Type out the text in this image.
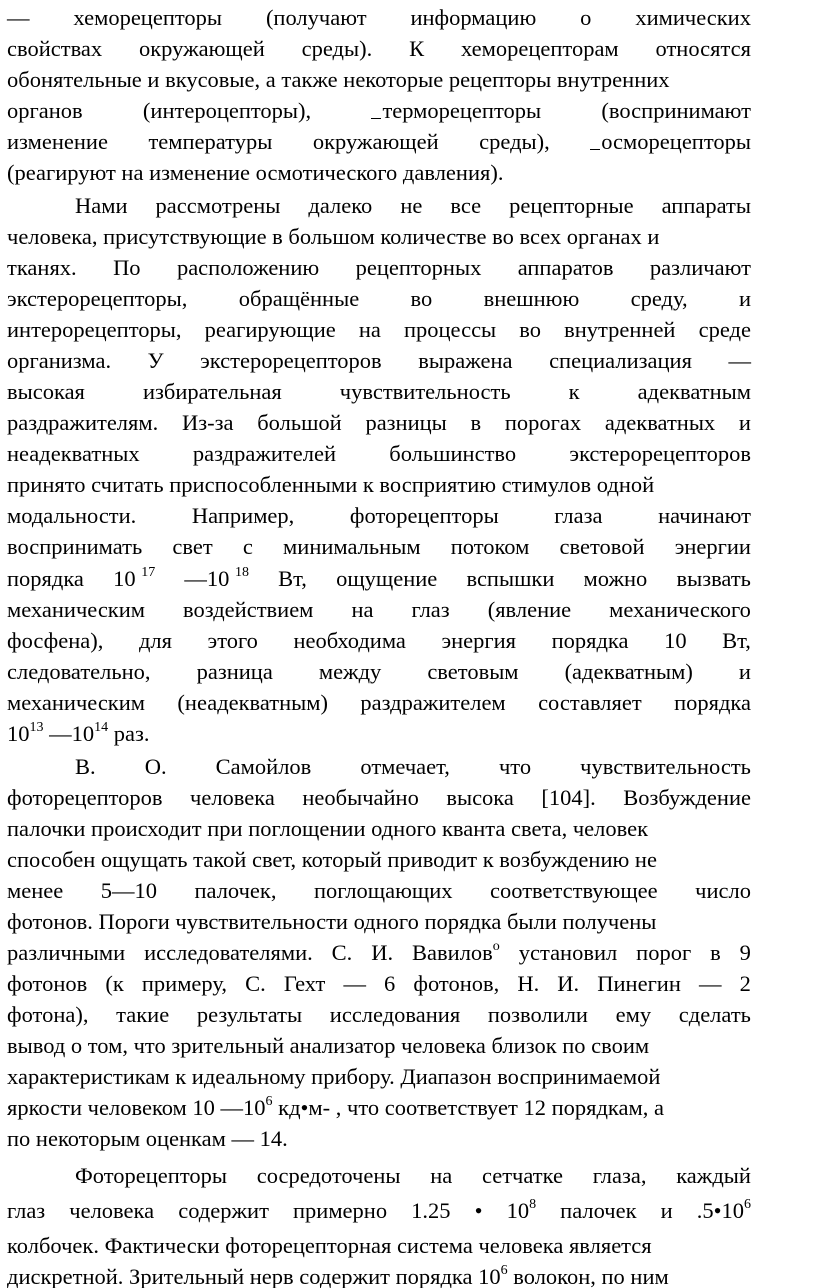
— хеморецепторы (получают информацию о химических
свойствах окружающей среды). К хеморецепторам относятся
обонятельные и вкусовые, а также некоторые рецепторы внутренних
органов	(интероцепторы),	терморецепторы	(воспринимают
изменение температуры окружающей среды),	осморецепторы
(реагируют на изменение осмотического давления).
Нами рассмотрены далеко не все рецепторные аппараты
человека, присутствующие в большом количестве во всех органах и
тканях. По расположению рецепторных аппаратов различают
экстерорецепторы, обращённые во внешнюю среду, и
интерорецепторы, реагирующие на процессы во внутренней среде
организма. У экстерорецепторов выражена специализация —
высокая	избирательная	чувствительность	к	адекватным
раздражителям. Из-за большой разницы в порогах адекватных и
неадекватных раздражителей большинство экстерорецепторов
принято считать приспособленными к восприятию стимулов одной
модальности. Например, фоторецепторы глаза начинают
воспринимать свет с минимальным потоком световой энергии
порядка 10 $^{17}$ —10 $^{18}$ Вт, ощущение вспышки можно вызвать
механическим воздействием на глаз (явление механического
фосфена), для этого необходима энергия порядка 10 Вт,
следовательно, разница между световым (адекватным) и
механическим (неадекватным) раздражителем составляет порядка
$10^{13}$ $—10^{14}$ раз.
В. О. Самойлов отмечает, что чувствительность
фоторецепторов человека необычайно высока [104]. Возбуждение
палочки происходит при поглощении одного кванта света, человек
способен ощущать такой свет, который приводит к возбуждению не
менее 5—10 палочек, поглощающих соответствующее число
фотонов. Пороги чувствительности одного порядка были получены
различными исследователями. С. И. Вавилов$^о$ установил порог в 9
фотонов (к примеру, С. Гехт — 6 фотонов, Н. И. Пинегин — 2
фотона), такие результаты исследования позволили ему сделать
вывод о том, что зрительный анализатор человека близок по своим
характеристикам к идеальному прибору. Диапазон воспринимаемой
яркости человеком 10 $—10^6$ кд•м- , что соответствует 12 порядкам, а
по некоторым оценкам — 14.
Фоторецепторы сосредоточены на сетчатке глаза, каждый
глаз человека содержит примерно 1.25 • $10^8$ палочек и $.5•10^6$
колбочек. Фактически фоторецепторная система человека является
дискретной. Зрительный нерв содержит порядка $10^6$ волокон, по ним
